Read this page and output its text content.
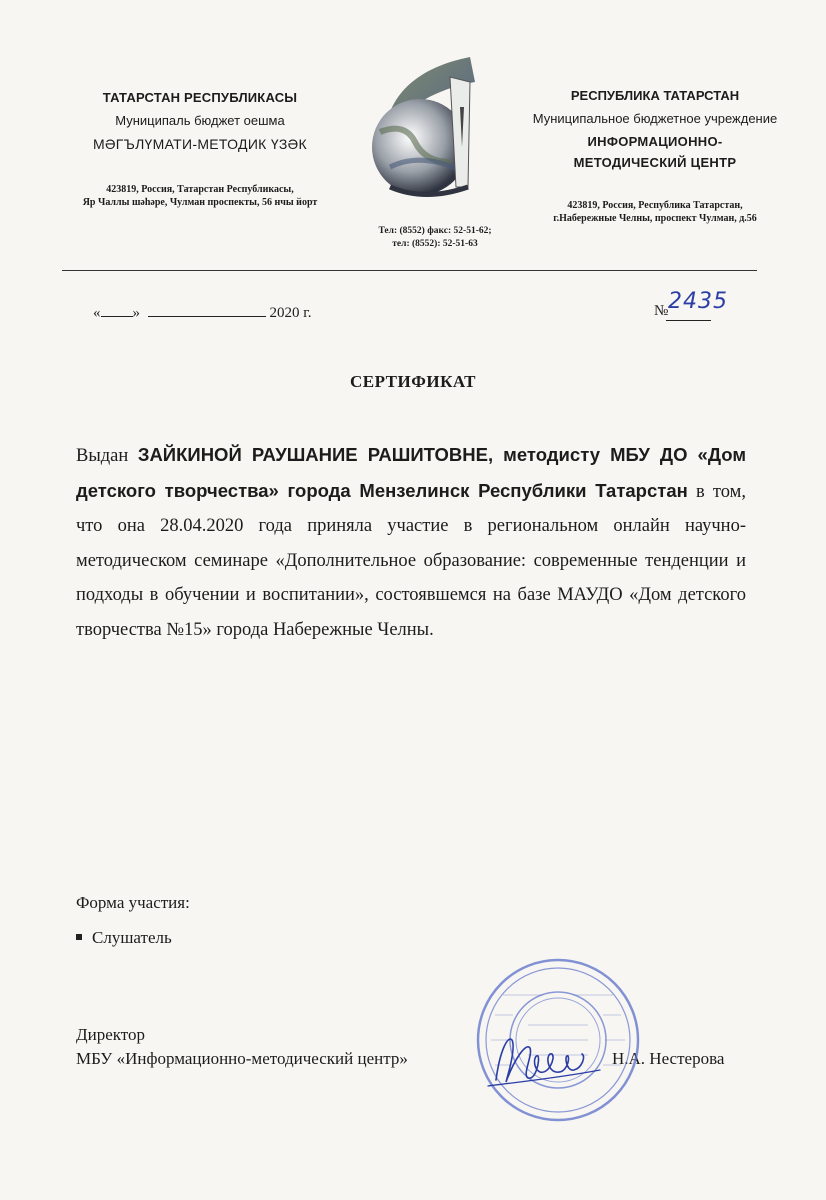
ТАТАРСТАН РЕСПУБЛИКАСЫ
Муниципаль бюджет оешма
МӘГЪЛҮМАТИ-МЕТОДИК ҮЗӘК
423819, Россия, Татарстан Республикасы,
Яр Чаллы шәһәре, Чулман проспекты, 56 нчы йорт
Тел: (8552) факс: 52-51-62;
тел: (8552): 52-51-63
РЕСПУБЛИКА ТАТАРСТАН
Муниципальное бюджетное учреждение
ИНФОРМАЦИОННО-
МЕТОДИЧЕСКИЙ ЦЕНТР
423819, Россия, Республика Татарстан,
г.Набережные Челны, проспект Чулман, д.56
« »	2020 г.	№ 2435
СЕРТИФИКАТ
Выдан ЗАЙКИНОЙ РАУШАНИЕ РАШИТОВНЕ, методисту МБУ ДО «Дом детского творчества» города Мензелинск Республики Татарстан в том, что она 28.04.2020 года приняла участие в региональном онлайн научно-методическом семинаре «Дополнительное образование: современные тенденции и подходы в обучении и воспитании», состоявшемся на базе МАУДО «Дом детского творчества №15» города Набережные Челны.
Форма участия:
Слушатель
Директор
МБУ «Информационно-методический центр»	Н.А. Нестерова
